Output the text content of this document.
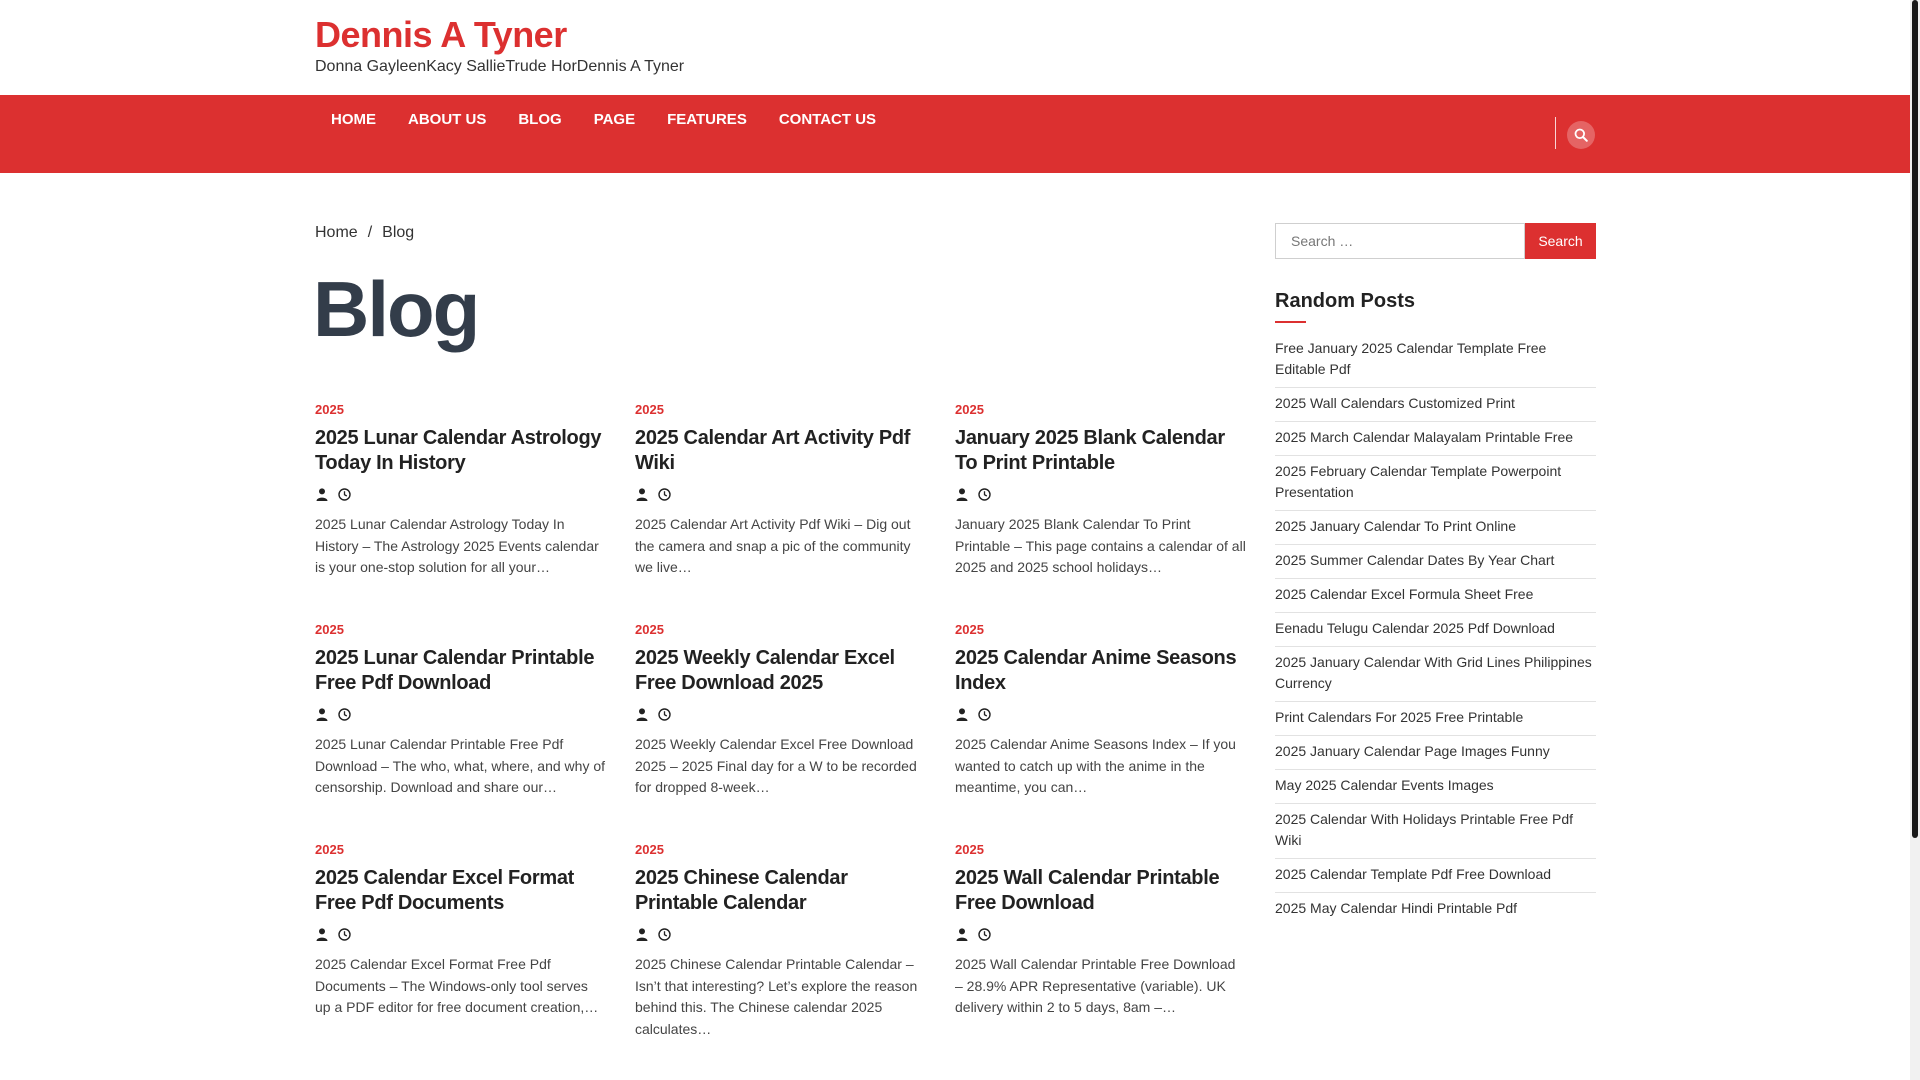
Dennis A Tyner
Donna GayleenKacy SallieTrude HorDennis A Tyner
HOME	ABOUT US	BLOG	PAGE	FEATURES	CONTACT US
Home / Blog
Blog
2025
2025 Lunar Calendar Astrology Today In History
2025 Lunar Calendar Astrology Today In History – The Astrology 2025 Events calendar is your one-stop solution for all your…
2025
2025 Calendar Art Activity Pdf Wiki
2025 Calendar Art Activity Pdf Wiki – Dig out the camera and snap a pic of the community we live…
2025
January 2025 Blank Calendar To Print Printable
January 2025 Blank Calendar To Print Printable – This page contains a calendar of all 2025 and 2025 school holidays…
2025
2025 Lunar Calendar Printable Free Pdf Download
2025 Lunar Calendar Printable Free Pdf Download – The who, what, where, and why of censorship. Download and share our…
2025
2025 Weekly Calendar Excel Free Download 2025
2025 Weekly Calendar Excel Free Download 2025 – 2025 Final day for a W to be recorded for dropped 8-week…
2025
2025 Calendar Anime Seasons Index
2025 Calendar Anime Seasons Index – If you wanted to catch up with the anime in the meantime, you can…
2025
2025 Calendar Excel Format Free Pdf Documents
2025 Calendar Excel Format Free Pdf Documents – The Windows-only tool serves up a PDF editor for free document creation,…
2025
2025 Chinese Calendar Printable Calendar
2025 Chinese Calendar Printable Calendar – Isn’t that interesting? Let’s explore the reason behind this. The Chinese calendar 2025 calculates…
2025
2025 Wall Calendar Printable Free Download
2025 Wall Calendar Printable Free Download – 28.9% APR Representative (variable). UK delivery within 2 to 5 days, 8am –…
Search …
Search
Random Posts
Free January 2025 Calendar Template Free Editable Pdf
2025 Wall Calendars Customized Print
2025 March Calendar Malayalam Printable Free
2025 February Calendar Template Powerpoint Presentation
2025 January Calendar To Print Online
2025 Summer Calendar Dates By Year Chart
2025 Calendar Excel Formula Sheet Free
Eenadu Telugu Calendar 2025 Pdf Download
2025 January Calendar With Grid Lines Philippines Currency
Print Calendars For 2025 Free Printable
2025 January Calendar Page Images Funny
May 2025 Calendar Events Images
2025 Calendar With Holidays Printable Free Pdf Wiki
2025 Calendar Template Pdf Free Download
2025 May Calendar Hindi Printable Pdf
